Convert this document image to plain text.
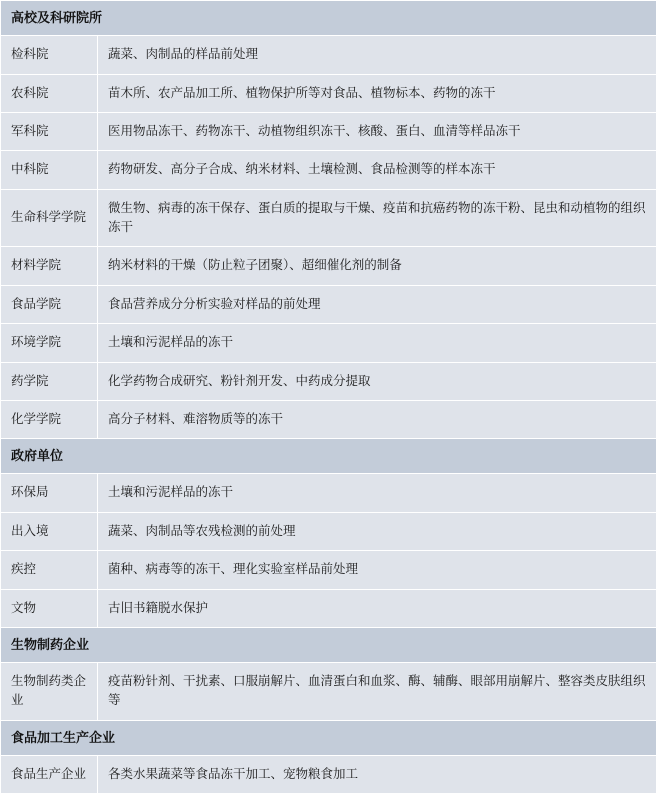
高校及科研院所	
检科院	蔬菜、肉制品的样品前处理
农科院	苗木所、农产品加工所、植物保护所等对食品、植物标本、药物的冻干
军科院	医用物品冻干、药物冻干、动植物组织冻干、核酸、蛋白、血清等样品冻干
中科院	药物研发、高分子合成、纳米材料、土壤检测、食品检测等的样本冻干
生命科学学院	微生物、病毒的冻干保存、蛋白质的提取与干燥、疫苗和抗癌药物的冻干粉、昆虫和动植物的组织冻干
材料学院	纳米材料的干燥（防止粒子团聚）、超细催化剂的制备
食品学院	食品营养成分分析实验对样品的前处理
环境学院	土壤和污泥样品的冻干
药学院	化学药物合成研究、粉针剂开发、中药成分提取
化学学院	高分子材料、难溶物质等的冻干
政府单位	
环保局	土壤和污泥样品的冻干
出入境	蔬菜、肉制品等农残检测的前处理
疾控	菌种、病毒等的冻干、理化实验室样品前处理
文物	古旧书籍脱水保护
生物制药企业	
生物制药类企业	疫苗粉针剂、干扰素、口服崩解片、血清蛋白和血浆、酶、辅酶、眼部用崩解片、整容类皮肤组织等
食品加工生产企业	
食品生产企业	各类水果蔬菜等食品冻干加工、宠物粮食加工
